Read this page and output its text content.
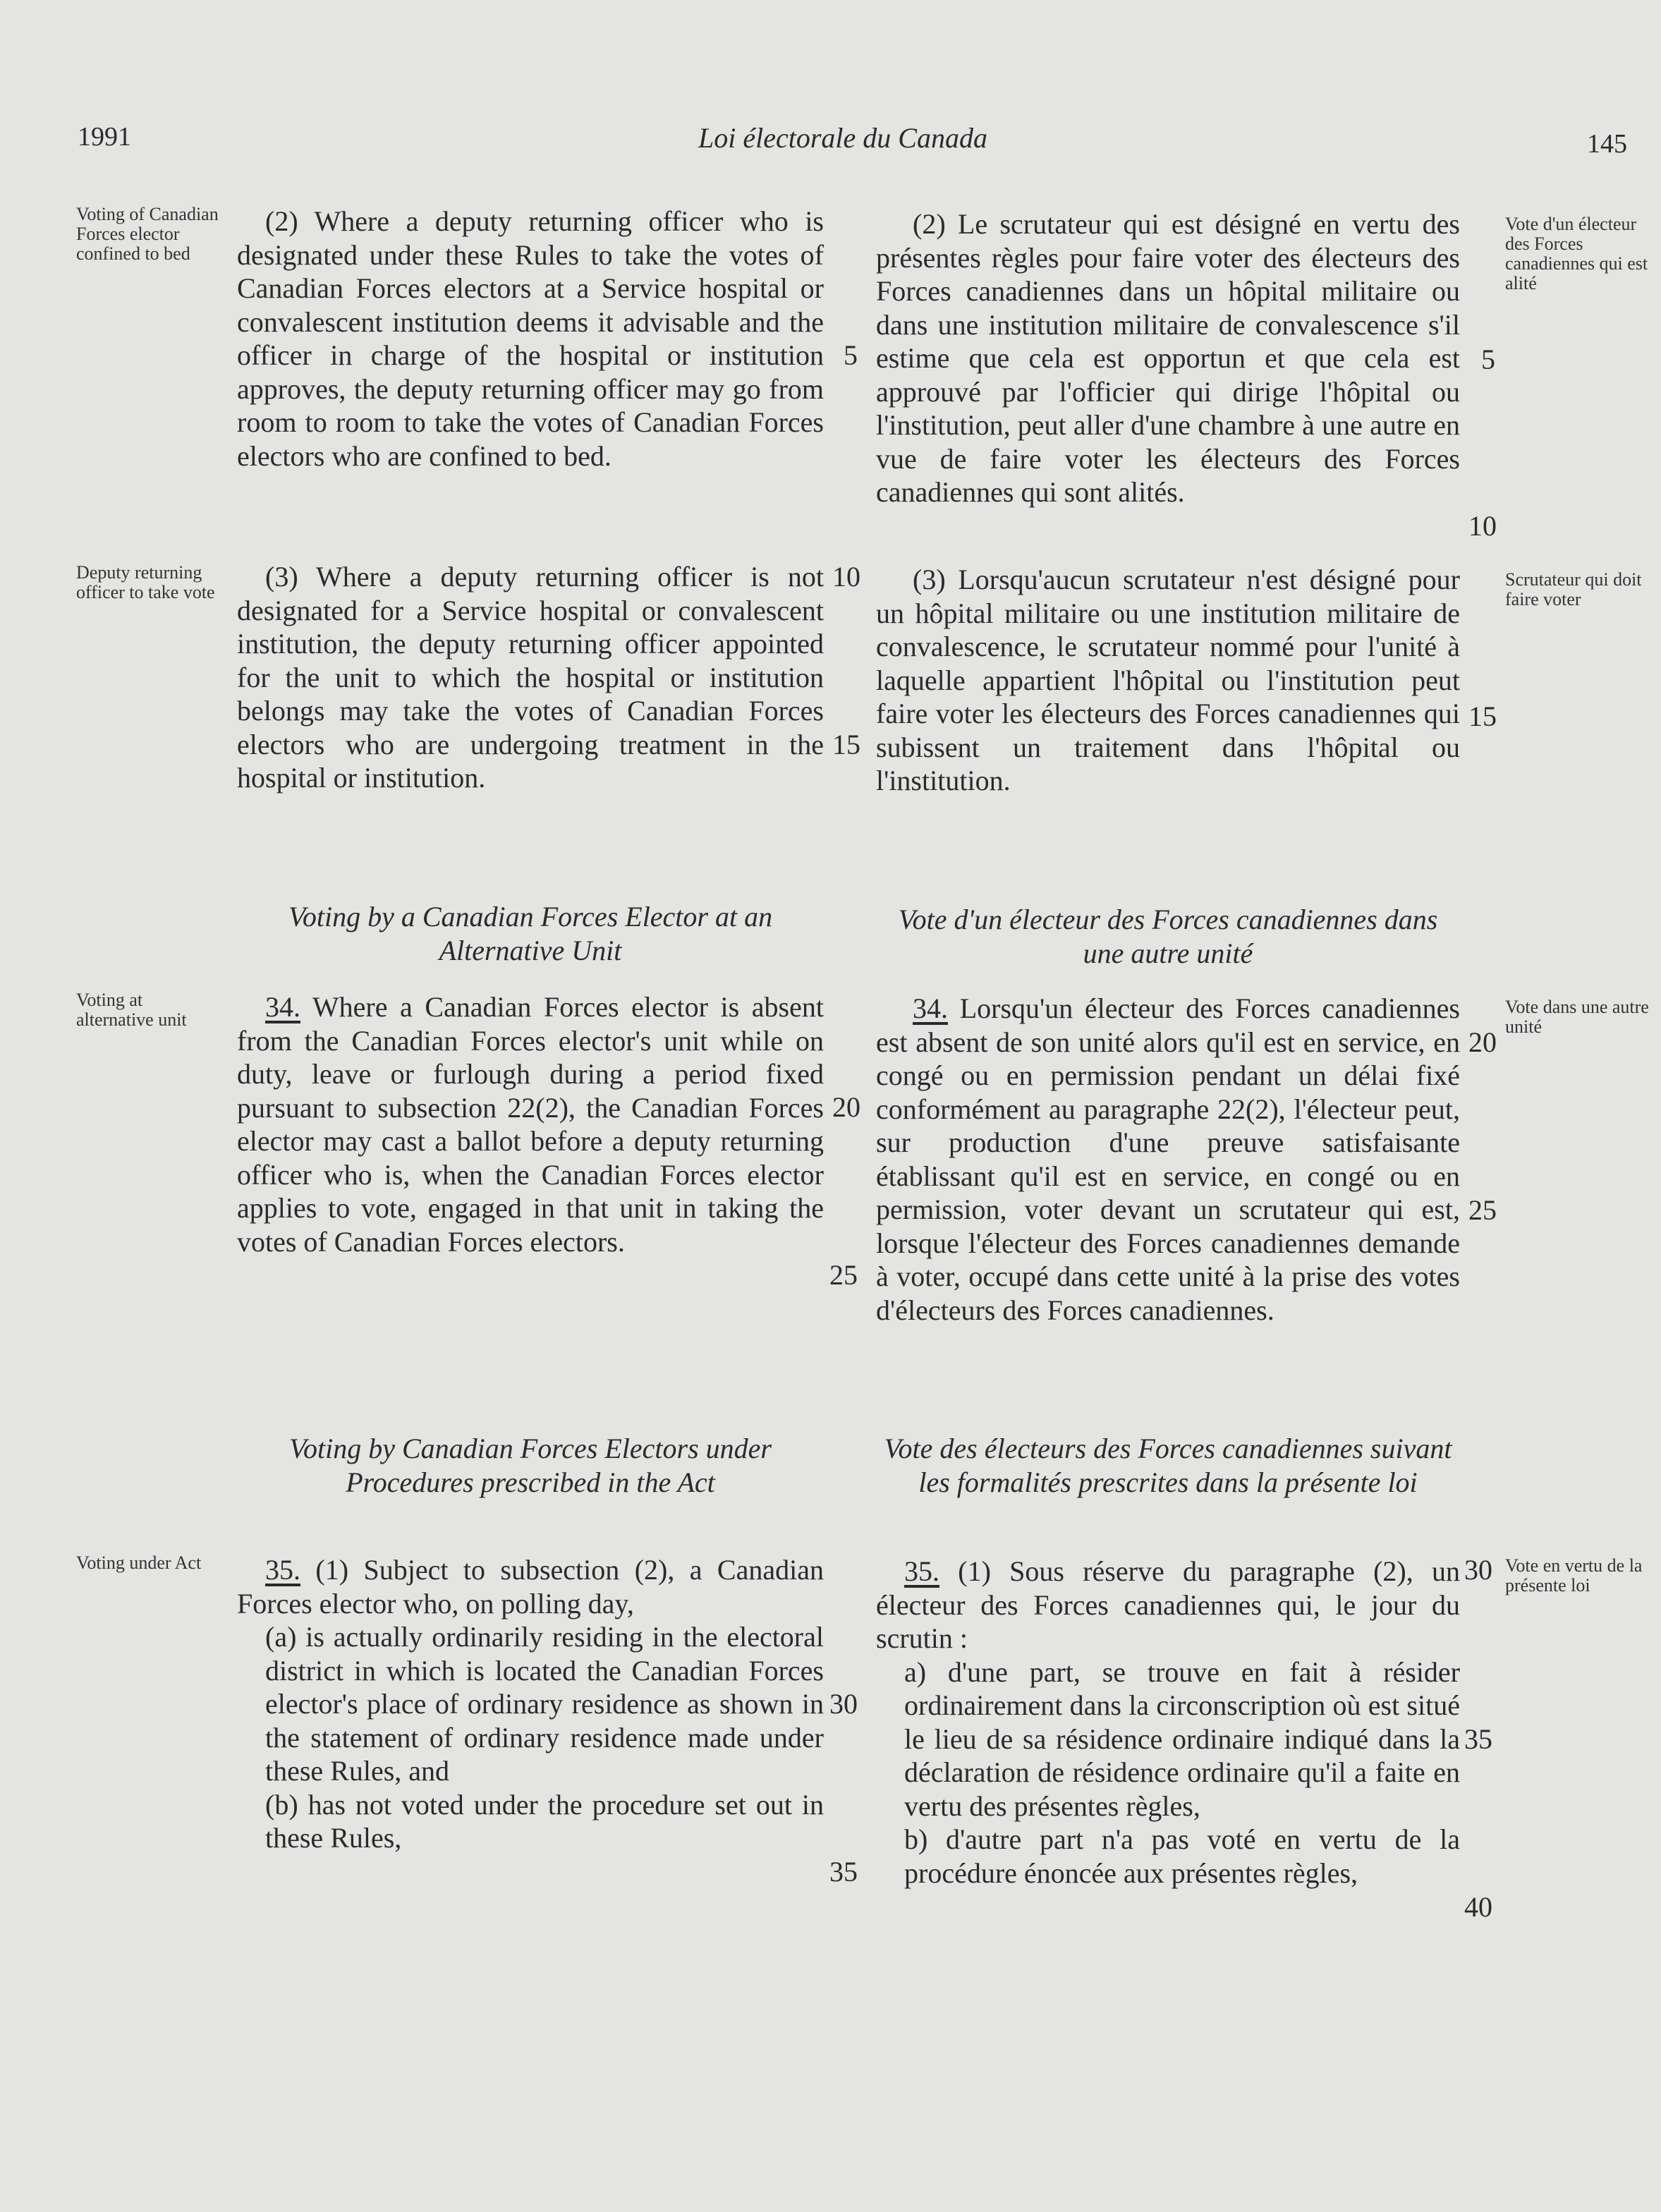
1991	Loi électorale du Canada	145
Voting of Canadian Forces elector confined to bed
Deputy returning officer to take vote
Voting at alternative unit
Voting under Act
Vote d'un électeur des Forces canadiennes qui est alité
Scrutateur qui doit faire voter
Vote dans une autre unité
Vote en vertu de la présente loi

(2) Where a deputy returning officer who is designated under these Rules to take the votes of Canadian Forces electors at a Service hospital or convalescent institution deems it advisable and the officer in charge of the hospital or institution approves, the deputy returning officer may go from room to room to take the votes of Canadian Forces electors who are confined to bed.

(3) Where a deputy returning officer is not designated for a Service hospital or convalescent institution, the deputy returning officer appointed for the unit to which the hospital or institution belongs may take the votes of Canadian Forces electors who are undergoing treatment in the hospital or institution.

Voting by a Canadian Forces Elector at an Alternative Unit

34. Where a Canadian Forces elector is absent from the Canadian Forces elector's unit while on duty, leave or furlough during a period fixed pursuant to subsection 22(2), the Canadian Forces elector may cast a ballot before a deputy returning officer who is, when the Canadian Forces elector applies to vote, engaged in that unit in taking the votes of Canadian Forces electors.

Voting by Canadian Forces Electors under Procedures prescribed in the Act

35. (1) Subject to subsection (2), a Canadian Forces elector who, on polling day,

(a) is actually ordinarily residing in the electoral district in which is located the Canadian Forces elector's place of ordinary residence as shown in the statement of ordinary residence made under these Rules, and

(b) has not voted under the procedure set out in these Rules,

(2) Le scrutateur qui est désigné en vertu des présentes règles pour faire voter des électeurs des Forces canadiennes dans un hôpital militaire ou dans une institution militaire de convalescence s'il estime que cela est opportun et que cela est approuvé par l'officier qui dirige l'hôpital ou l'institution, peut aller d'une chambre à une autre en vue de faire voter les électeurs des Forces canadiennes qui sont alités.

(3) Lorsqu'aucun scrutateur n'est désigné pour un hôpital militaire ou une institution militaire de convalescence, le scrutateur nommé pour l'unité à laquelle appartient l'hôpital ou l'institution peut faire voter les électeurs des Forces canadiennes qui subissent un traitement dans l'hôpital ou l'institution.

Vote d'un électeur des Forces canadiennes dans une autre unité

34. Lorsqu'un électeur des Forces canadiennes est absent de son unité alors qu'il est en service, en congé ou en permission pendant un délai fixé conformément au paragraphe 22(2), l'électeur peut, sur production d'une preuve satisfaisante établissant qu'il est en service, en congé ou en permission, voter devant un scrutateur qui est, lorsque l'électeur des Forces canadiennes demande à voter, occupé dans cette unité à la prise des votes d'électeurs des Forces canadiennes.

Vote des électeurs des Forces canadiennes suivant les formalités prescrites dans la présente loi

35. (1) Sous réserve du paragraphe (2), un électeur des Forces canadiennes qui, le jour du scrutin :

a) d'une part, se trouve en fait à résider ordinairement dans la circonscription où est situé le lieu de sa résidence ordinaire indiqué dans la déclaration de résidence ordinaire qu'il a faite en vertu des présentes règles,

b) d'autre part n'a pas voté en vertu de la procédure énoncée aux présentes règles,

5
10
15
20
25
30
35
5
10
15
20
25
30
35
40
